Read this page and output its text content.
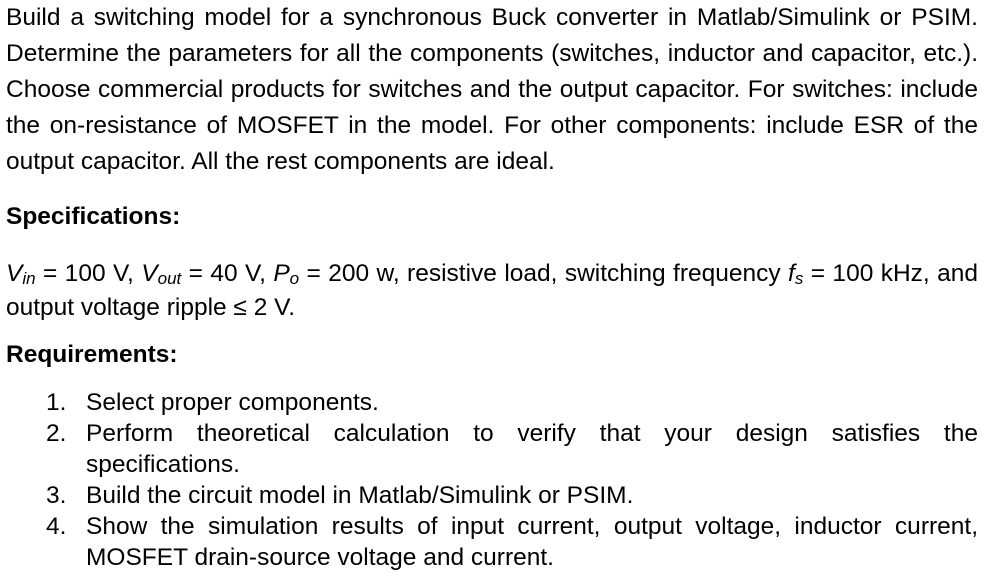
Build a switching model for a synchronous Buck converter in Matlab/Simulink or PSIM. Determine the parameters for all the components (switches, inductor and capacitor, etc.). Choose commercial products for switches and the output capacitor. For switches: include the on-resistance of MOSFET in the model. For other components: include ESR of the output capacitor. All the rest components are ideal.

Specifications:

$V_{in} = 100$ V, $V_{out} = 40$ V, $P_o = 200$ w, resistive load, switching frequency $f_s = 100$ kHz, and output voltage ripple ≤ 2 V.

Requirements:
1. Select proper components.
2. Perform theoretical calculation to verify that your design satisfies the specifications.
3. Build the circuit model in Matlab/Simulink or PSIM.
4. Show the simulation results of input current, output voltage, inductor current, MOSFET drain-source voltage and current.
